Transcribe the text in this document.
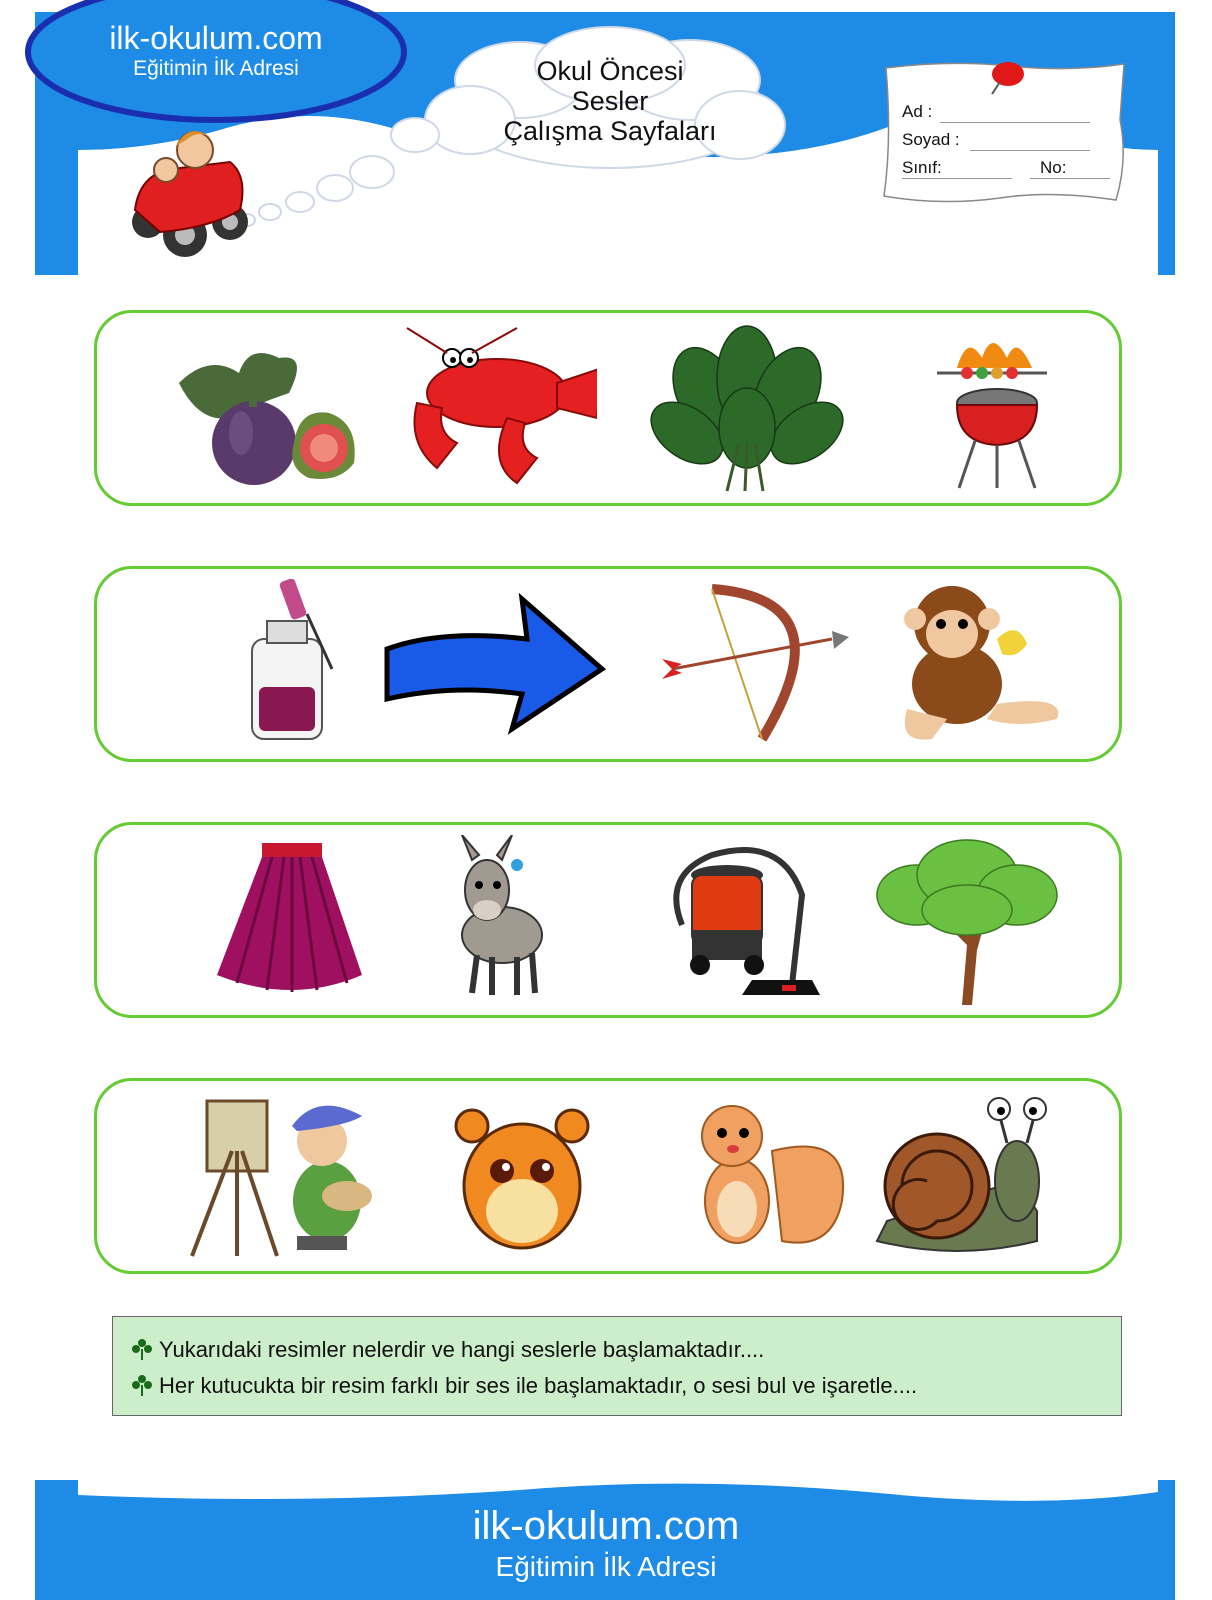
ilk-okulum.com
Eğitimin İlk Adresi	Okul Öncesi
Sesler
Çalışma Sayfaları
Ad :
Soyad :
Sınıf:	No:
Yukarıdaki resimler nelerdir ve hangi seslerle başlamaktadır....
Her kutucukta bir resim farklı bir ses ile başlamaktadır, o sesi bul ve işaretle....
ilk-okulum.com
Eğitimin İlk Adresi
